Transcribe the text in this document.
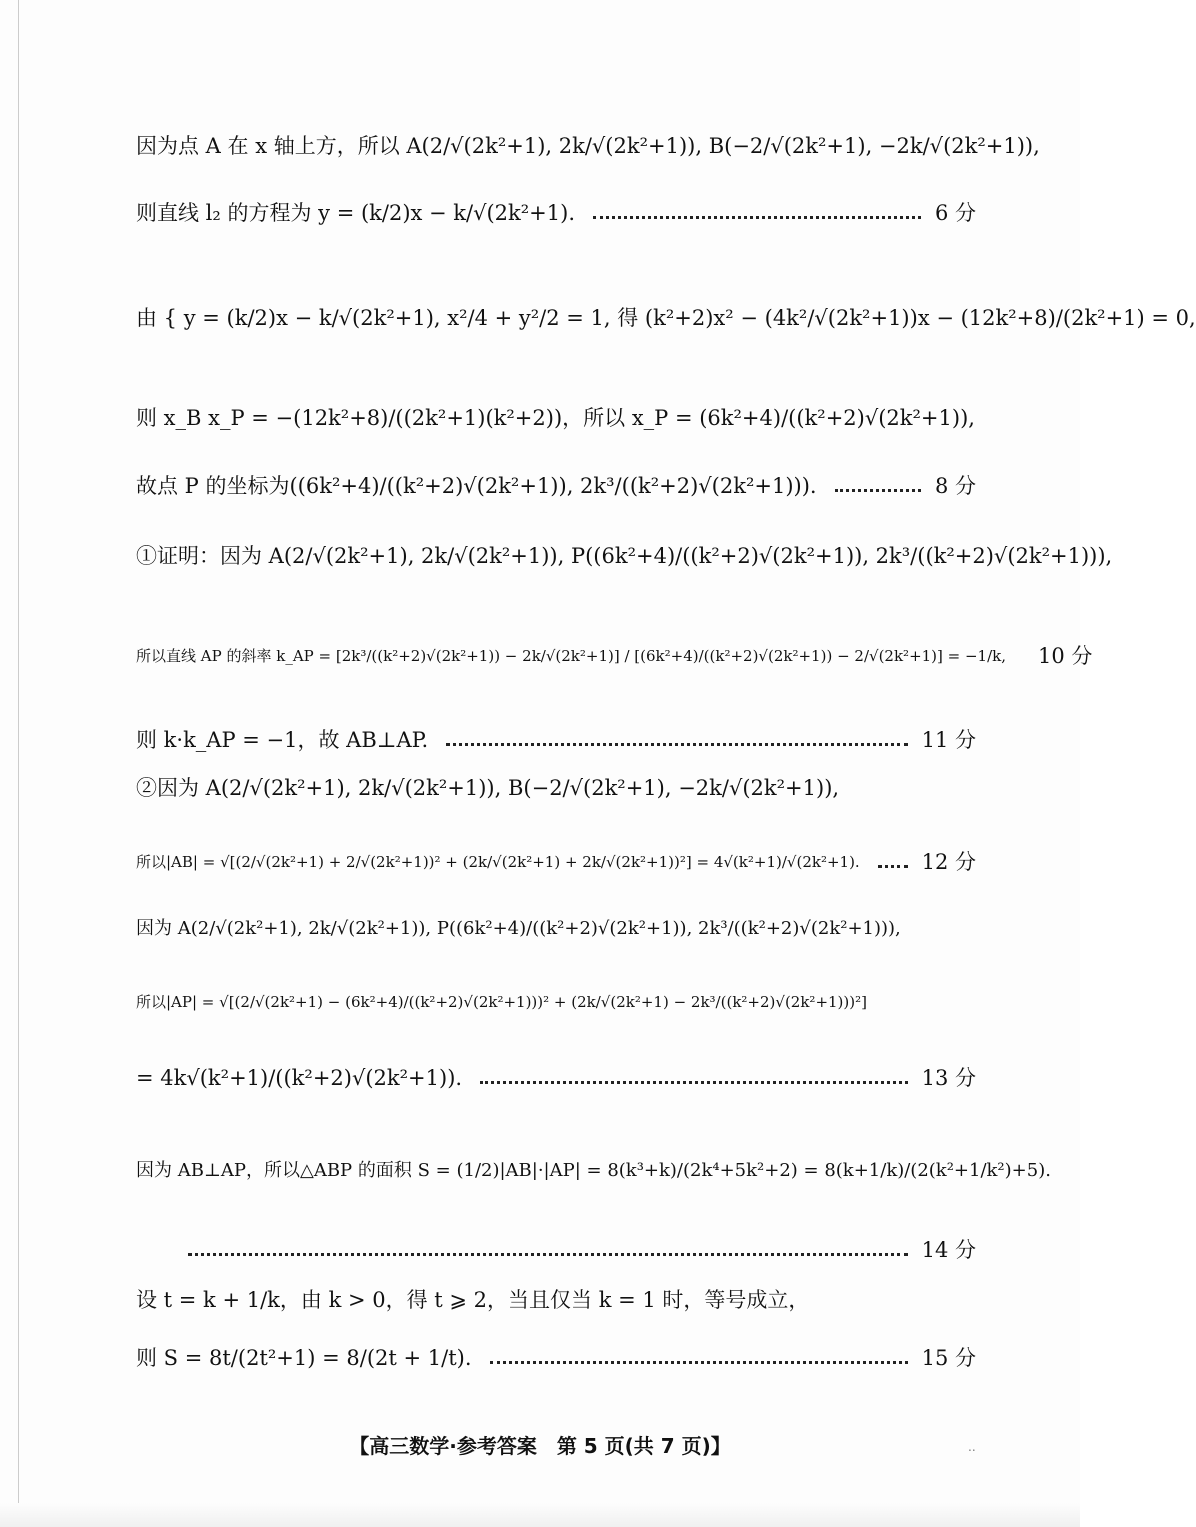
因为点 A 在 x 轴上方，所以 A(2/√(2k²+1), 2k/√(2k²+1)), B(−2/√(2k²+1), −2k/√(2k²+1)),
则直线 l₂ 的方程为 y = (k/2)x − k/√(2k²+1).	6 分
由 { y = (k/2)x − k/√(2k²+1), x²/4 + y²/2 = 1, 得 (k²+2)x² − (4k²/√(2k²+1))x − (12k²+8)/(2k²+1) = 0,
则 x_B x_P = −(12k²+8)/((2k²+1)(k²+2))，所以 x_P = (6k²+4)/((k²+2)√(2k²+1)),
故点 P 的坐标为((6k²+4)/((k²+2)√(2k²+1)), 2k³/((k²+2)√(2k²+1))).	8 分
①证明：因为 A(2/√(2k²+1), 2k/√(2k²+1)), P((6k²+4)/((k²+2)√(2k²+1)), 2k³/((k²+2)√(2k²+1))),
所以直线 AP 的斜率 k_AP = [2k³/((k²+2)√(2k²+1)) − 2k/√(2k²+1)] / [(6k²+4)/((k²+2)√(2k²+1)) − 2/√(2k²+1)] = −1/k, 10 分
则 k·k_AP = −1，故 AB⊥AP.	11 分
②因为 A(2/√(2k²+1), 2k/√(2k²+1)), B(−2/√(2k²+1), −2k/√(2k²+1)),
所以|AB| = √[(2/√(2k²+1) + 2/√(2k²+1))² + (2k/√(2k²+1) + 2k/√(2k²+1))²] = 4√(k²+1)/√(2k²+1).	12 分
因为 A(2/√(2k²+1), 2k/√(2k²+1)), P((6k²+4)/((k²+2)√(2k²+1)), 2k³/((k²+2)√(2k²+1))),
所以|AP| = √[(2/√(2k²+1) − (6k²+4)/((k²+2)√(2k²+1)))² + (2k/√(2k²+1) − 2k³/((k²+2)√(2k²+1)))²]
= 4k√(k²+1)/((k²+2)√(2k²+1)).	13 分
因为 AB⊥AP，所以△ABP 的面积 S = (1/2)|AB|·|AP| = 8(k³+k)/(2k⁴+5k²+2) = 8(k+1/k)/(2(k²+1/k²)+5).
14 分
设 t = k + 1/k，由 k > 0，得 t ⩾ 2，当且仅当 k = 1 时，等号成立，
则 S = 8t/(2t²+1) = 8/(2t + 1/t).	15 分
【高三数学·参考答案　第 5 页(共 7 页)】	..
